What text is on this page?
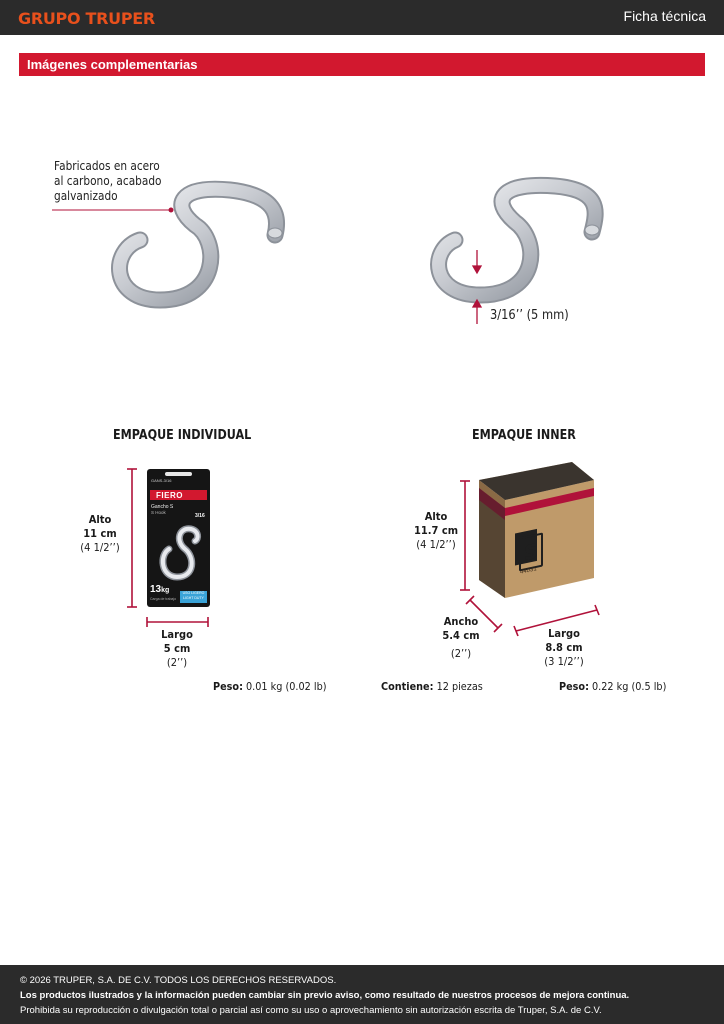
GRUPO TRUPER	Ficha técnica
Imágenes complementarias
Fabricados en acero
al carbono, acabado
galvanizado
3/16’’ (5 mm)
EMPAQUE INDIVIDUAL
GANS-3/16
FIERO
Gancho S
S Hook
3/16
13kg
Carga de trabajo
USO LIGERO LIGHT DUTY
Alto
11 cm
(4 1/2’’)
Largo
5 cm
(2’’)
Peso: 0.01 kg (0.02 lb)
EMPAQUE INNER
S
44031
Alto
11.7 cm
(4 1/2’’)
Ancho
5.4 cm
(2’’)
Largo
8.8 cm
(3 1/2’’)
Contiene: 12 piezas	Peso: 0.22 kg (0.5 lb)
© 2026 TRUPER, S.A. DE C.V. TODOS LOS DERECHOS RESERVADOS.
Los productos ilustrados y la información pueden cambiar sin previo aviso, como resultado de nuestros procesos de mejora continua.
Prohibida su reproducción o divulgación total o parcial así como su uso o aprovechamiento sin autorización escrita de Truper, S.A. de C.V.
